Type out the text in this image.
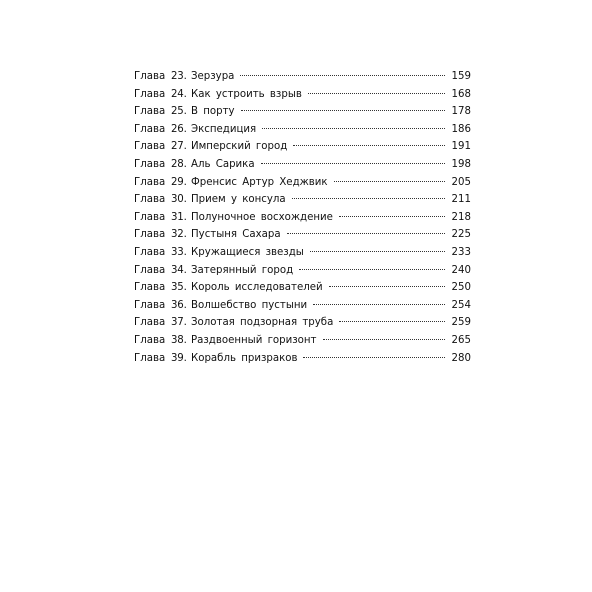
Глава 23. Зерзура	159
Глава 24. Как устроить взрыв	168
Глава 25. В порту	178
Глава 26. Экспедиция	186
Глава 27. Имперский город	191
Глава 28. Аль Сарика	198
Глава 29. Френсис Артур Хеджвик	205
Глава 30. Прием у консула	211
Глава 31. Полуночное восхождение	218
Глава 32. Пустыня Сахара	225
Глава 33. Кружащиеся звезды	233
Глава 34. Затерянный город	240
Глава 35. Король исследователей	250
Глава 36. Волшебство пустыни	254
Глава 37. Золотая подзорная труба	259
Глава 38. Раздвоенный горизонт	265
Глава 39. Корабль призраков	280
